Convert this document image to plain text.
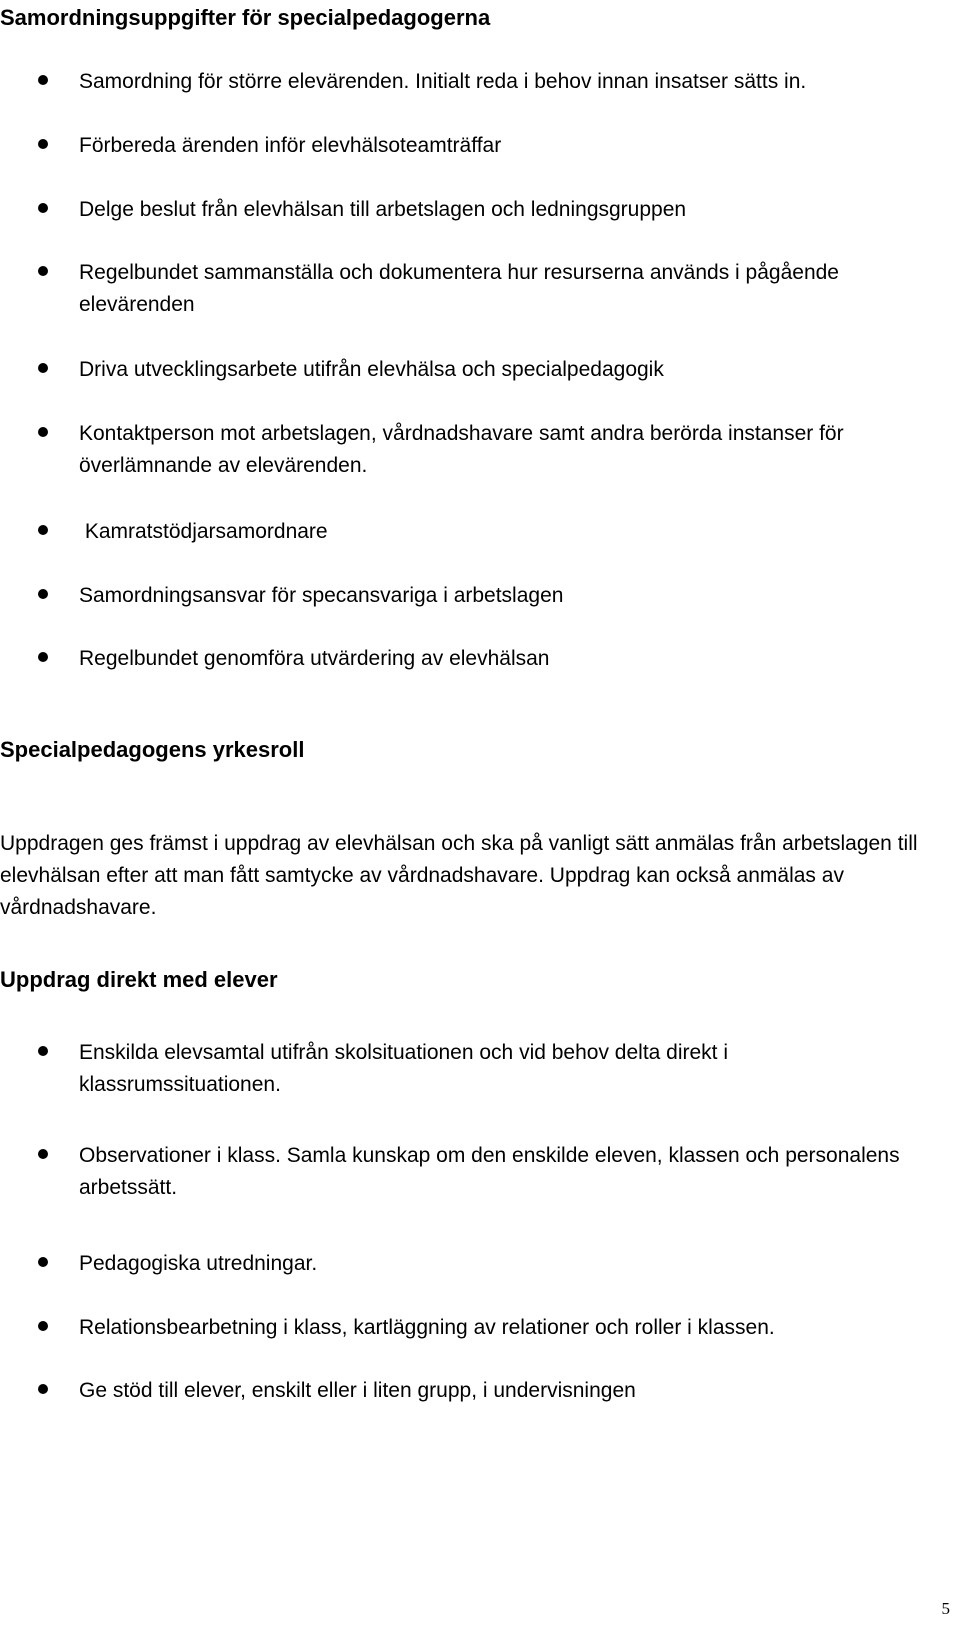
Samordningsuppgifter för specialpedagogerna
Samordning för större elevärenden. Initialt reda i behov innan insatser sätts in.
Förbereda ärenden inför elevhälsoteamträffar
Delge beslut från elevhälsan till arbetslagen och ledningsgruppen
Regelbundet sammanställa och dokumentera hur resurserna används i pågående elevärenden
Driva utvecklingsarbete utifrån elevhälsa och specialpedagogik
Kontaktperson mot arbetslagen, vårdnadshavare samt andra berörda instanser för överlämnande av elevärenden.
Kamratstödjarsamordnare
Samordningsansvar för specansvariga i arbetslagen
Regelbundet genomföra utvärdering av elevhälsan
Specialpedagogens yrkesroll

Uppdragen ges främst i uppdrag av elevhälsan och ska på vanligt sätt anmälas från arbetslagen till elevhälsan efter att man fått samtycke av vårdnadshavare. Uppdrag kan också anmälas av vårdnadshavare.

Uppdrag direkt med elever
Enskilda elevsamtal utifrån skolsituationen och vid behov delta direkt i klassrumssituationen.
Observationer i klass. Samla kunskap om den enskilde eleven, klassen och personalens arbetssätt.
Pedagogiska utredningar.
Relationsbearbetning i klass, kartläggning av relationer och roller i klassen.
Ge stöd till elever, enskilt eller i liten grupp, i undervisningen
5
